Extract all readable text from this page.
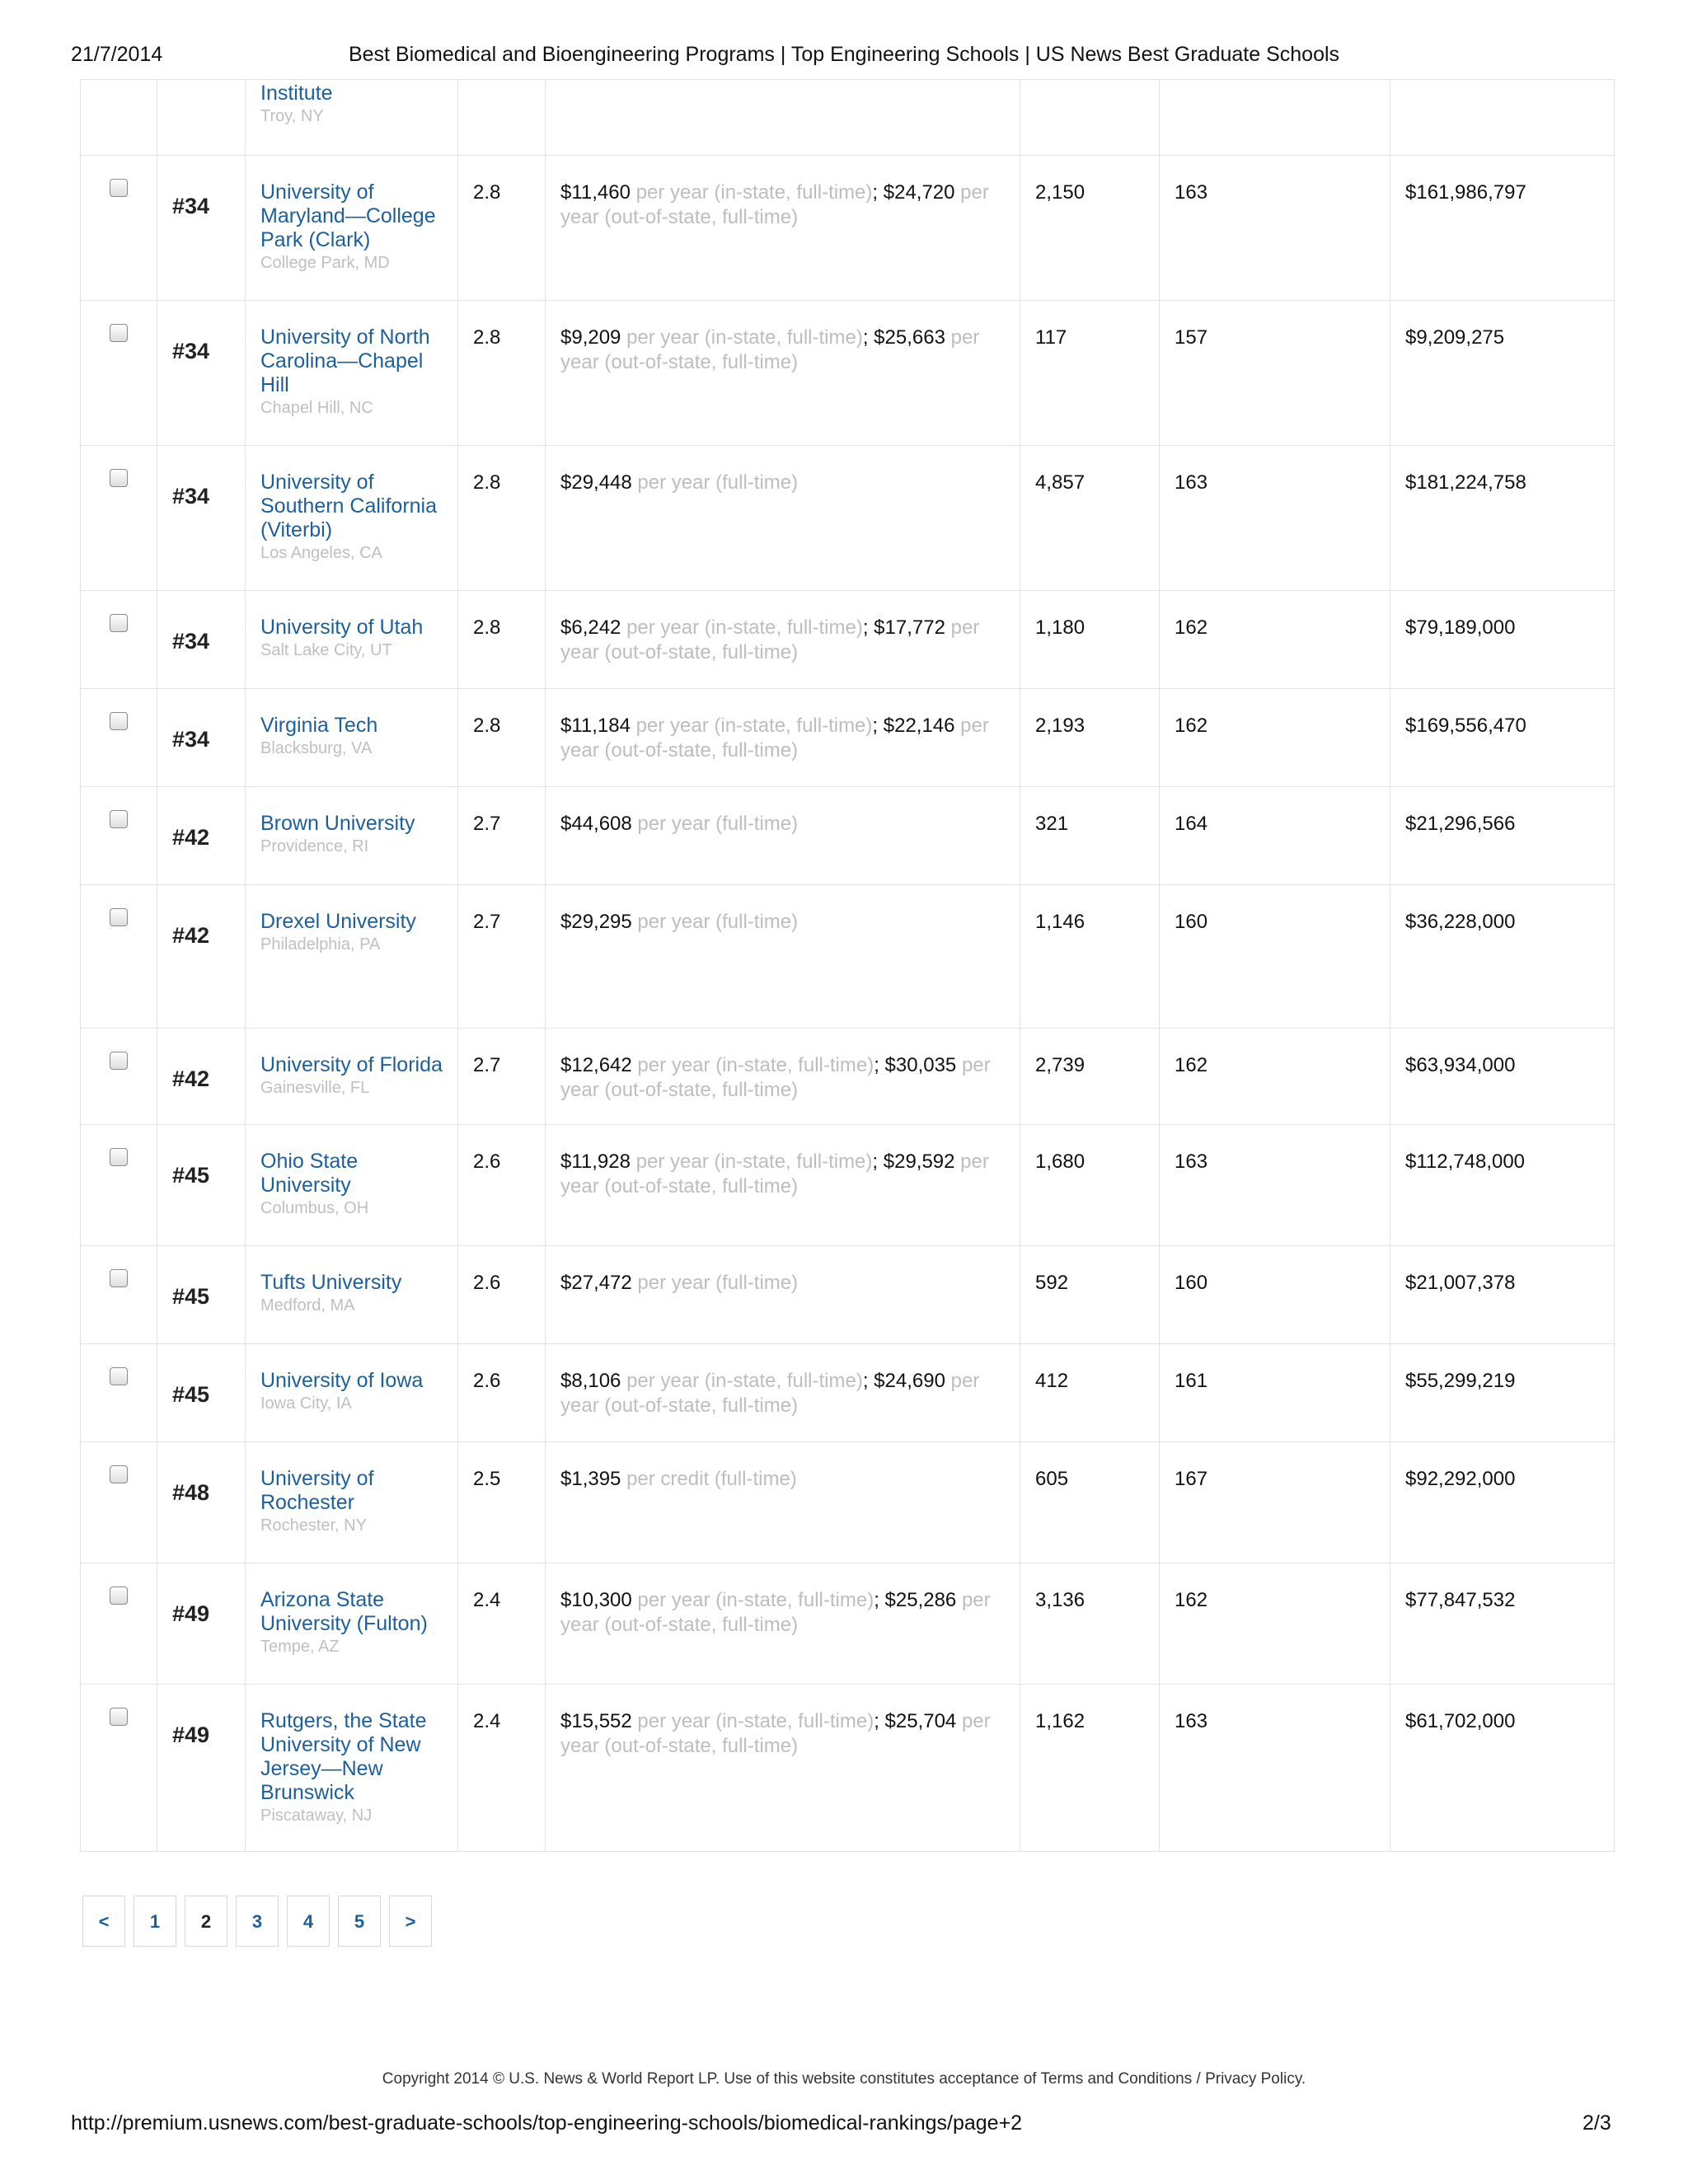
21/7/2014	Best Biomedical and Bioengineering Programs | Top Engineering Schools | US News Best Graduate Schools

		Institute
Troy, NY					

	#34	University of Maryland—College Park (Clark)
College Park, MD	2.8	$11,460 per year (in-state, full-time); $24,720 per year (out-of-state, full-time)	2,150	163	$161,986,797

	#34	University of North Carolina—Chapel Hill
Chapel Hill, NC	2.8	$9,209 per year (in-state, full-time); $25,663 per year (out-of-state, full-time)	117	157	$9,209,275

	#34	University of Southern California (Viterbi)
Los Angeles, CA	2.8	$29,448 per year (full-time)	4,857	163	$181,224,758

	#34	University of Utah
Salt Lake City, UT	2.8	$6,242 per year (in-state, full-time); $17,772 per year (out-of-state, full-time)	1,180	162	$79,189,000

	#34	Virginia Tech
Blacksburg, VA	2.8	$11,184 per year (in-state, full-time); $22,146 per year (out-of-state, full-time)	2,193	162	$169,556,470

	#42	Brown University
Providence, RI	2.7	$44,608 per year (full-time)	321	164	$21,296,566

	#42	Drexel University
Philadelphia, PA	2.7	$29,295 per year (full-time)	1,146	160	$36,228,000

	#42	University of Florida
Gainesville, FL	2.7	$12,642 per year (in-state, full-time); $30,035 per year (out-of-state, full-time)	2,739	162	$63,934,000

	#45	Ohio State University
Columbus, OH	2.6	$11,928 per year (in-state, full-time); $29,592 per year (out-of-state, full-time)	1,680	163	$112,748,000

	#45	Tufts University
Medford, MA	2.6	$27,472 per year (full-time)	592	160	$21,007,378

	#45	University of Iowa
Iowa City, IA	2.6	$8,106 per year (in-state, full-time); $24,690 per year (out-of-state, full-time)	412	161	$55,299,219

	#48	University of Rochester
Rochester, NY	2.5	$1,395 per credit (full-time)	605	167	$92,292,000

	#49	Arizona State University (Fulton)
Tempe, AZ	2.4	$10,300 per year (in-state, full-time); $25,286 per year (out-of-state, full-time)	3,136	162	$77,847,532

	#49	Rutgers, the State University of New Jersey—New Brunswick
Piscataway, NJ	2.4	$15,552 per year (in-state, full-time); $25,704 per year (out-of-state, full-time)	1,162	163	$61,702,000
<	1	2	3	4	5	>
Copyright 2014 © U.S. News & World Report LP. Use of this website constitutes acceptance of Terms and Conditions / Privacy Policy.
http://premium.usnews.com/best-graduate-schools/top-engineering-schools/biomedical-rankings/page+2	2/3
